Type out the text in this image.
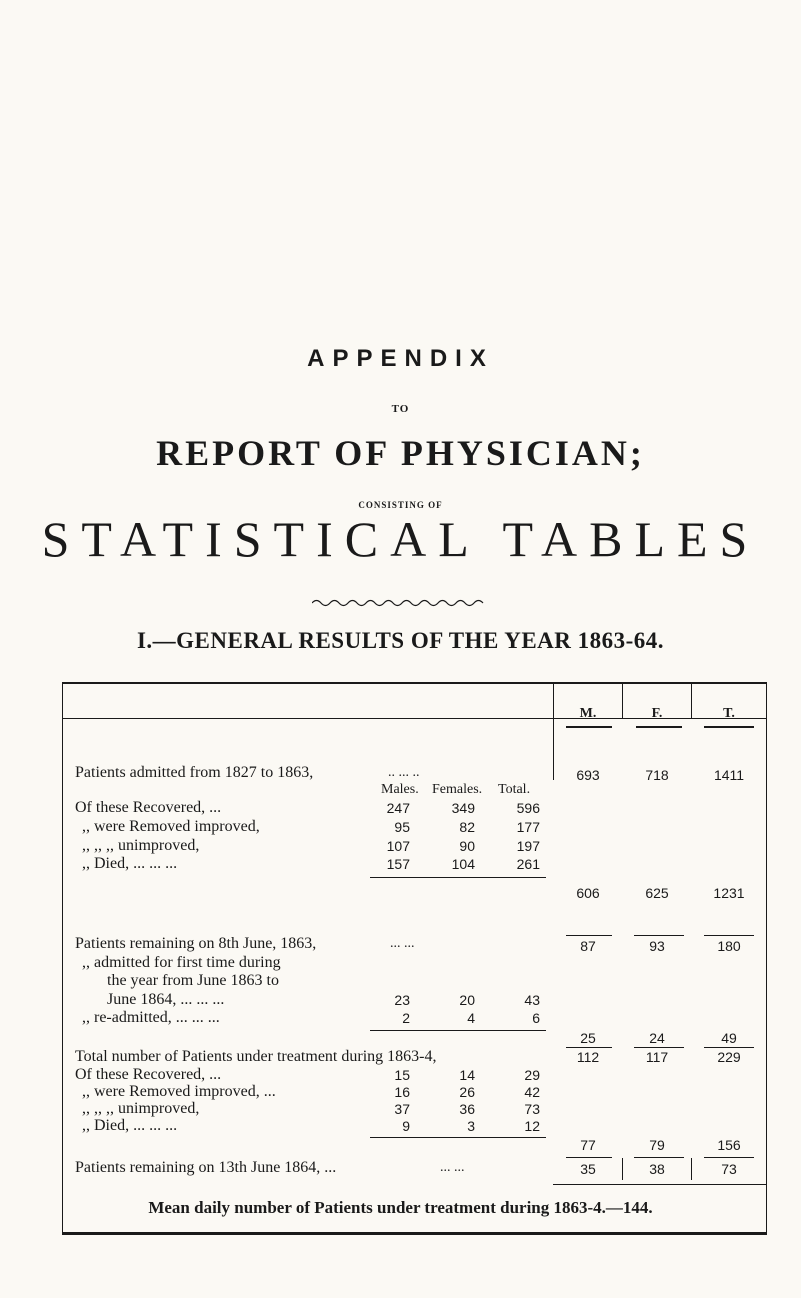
APPENDIX
TO
REPORT OF PHYSICIAN;
CONSISTING OF
STATISTICAL TABLES
I.—GENERAL RESULTS OF THE YEAR 1863-64.
M.	F.	T.
Patients admitted from 1827 to 1863,	.. ... ..	693	718	1411
Males. Females. Total.
Of these Recovered, ...	247	349	596
,, were Removed improved,	95	82	177
,, ,, ,, unimproved,	107	90	197
,, Died, ... ... ...	157	104	261
606	625	1231
Patients remaining on 8th June, 1863,	... ...	87	93	180
,, admitted for first time during
the year from June 1863 to
June 1864, ... ... ...	23	20	43
,, re-admitted, ... ... ...	2	4	6
25	24	49
Total number of Patients under treatment during 1863-4,	112	117	229
Of these Recovered, ...	15	14	29
,, were Removed improved, ...	16	26	42
,, ,, ,, unimproved,	37	36	73
,, Died, ... ... ...	9	3	12
77	79	156
Patients remaining on 13th June 1864, ...	... ...	35	38	73
Mean daily number of Patients under treatment during 1863-4.—144.
